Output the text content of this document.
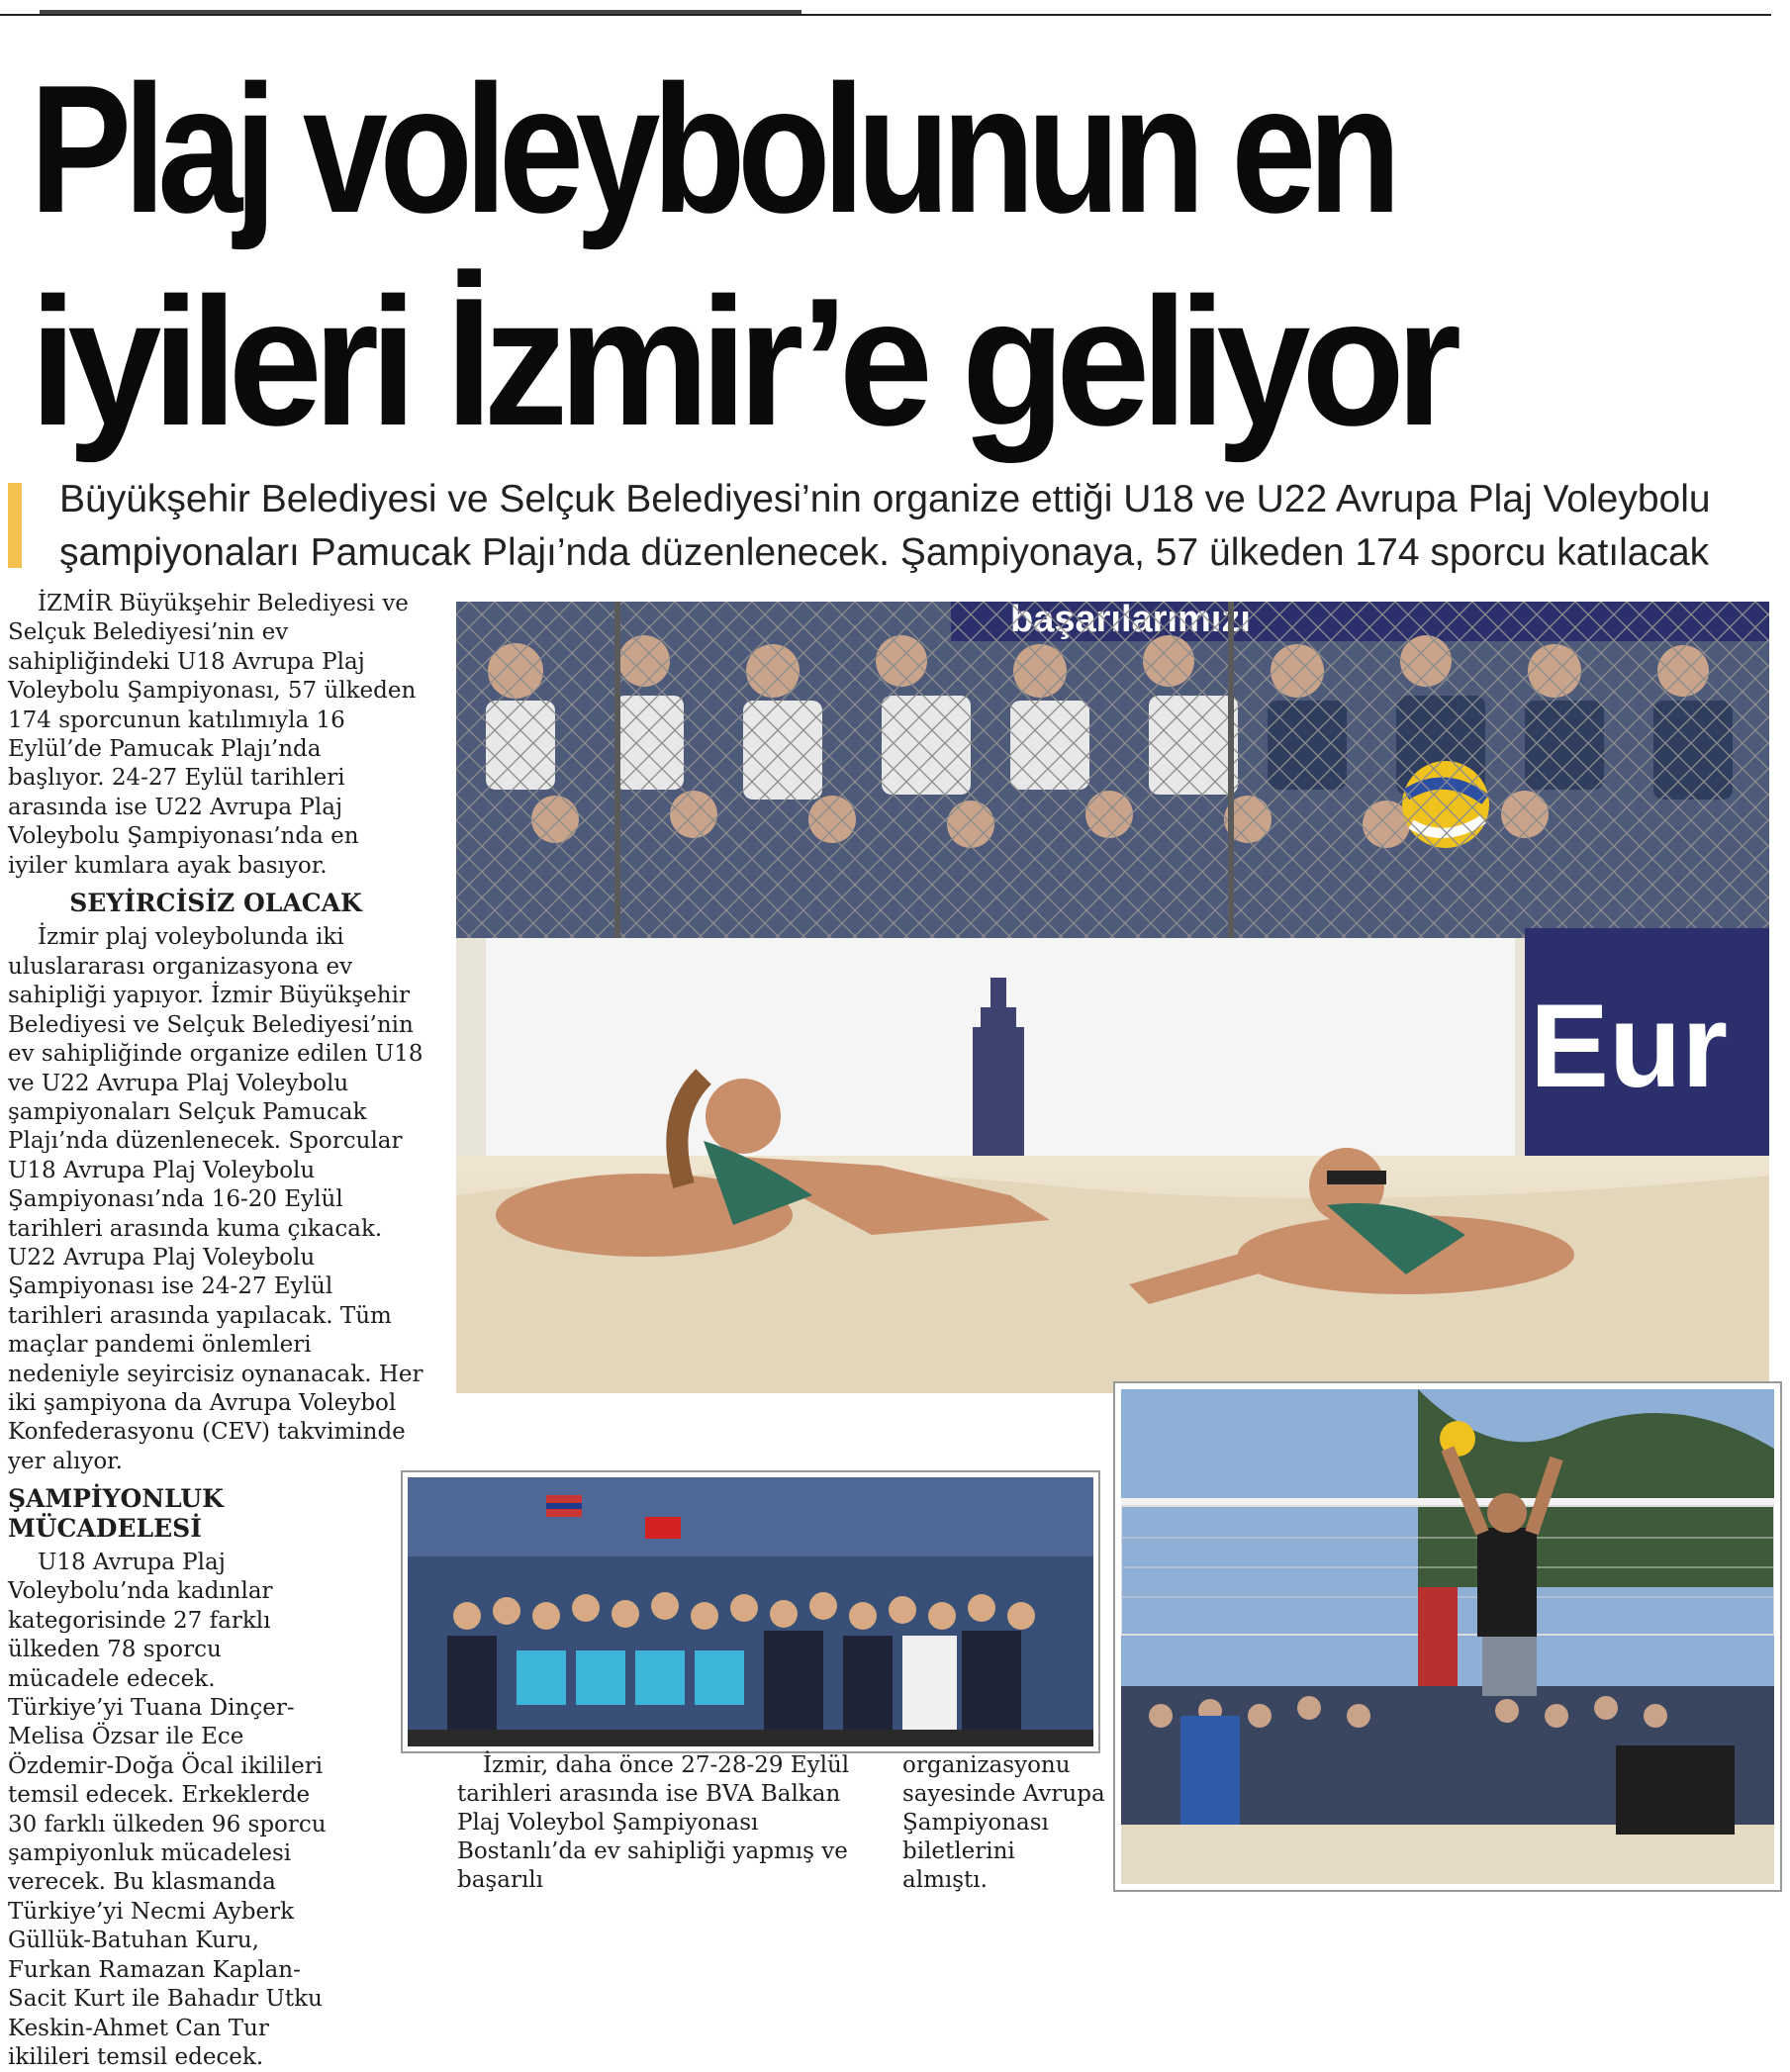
Plaj voleybolunun en
iyileri İzmir’e geliyor

Büyükşehir Belediyesi ve Selçuk Belediyesi’nin organize ettiği U18 ve U22 Avrupa Plaj Voleybolu

şampiyonaları Pamucak Plajı’nda düzenlenecek. Şampiyonaya, 57 ülkeden 174 sporcu katılacak

İZMİR Büyükşehir Belediyesi ve Selçuk Belediyesi’nin ev sahipliğindeki U18 Avrupa Plaj Voleybolu Şampiyonası, 57 ülkeden 174 sporcunun katılımıyla 16 Eylül’de Pamucak Plajı’nda başlıyor. 24-27 Eylül tarihleri arasında ise U22 Avrupa Plaj Voleybolu Şampiyonası’nda en iyiler kumlara ayak basıyor.

SEYİRCİSİZ OLACAK

İzmir plaj voleybolunda iki uluslararası organizasyona ev sahipliği yapıyor. İzmir Büyükşehir Belediyesi ve Selçuk Belediyesi’nin ev sahipliğinde organize edilen U18 ve U22 Avrupa Plaj Voleybolu şampiyonaları Selçuk Pamucak Plajı’nda düzenlenecek. Sporcular U18 Avrupa Plaj Voleybolu Şampiyonası’nda 16-20 Eylül tarihleri arasında kuma çıkacak. U22 Avrupa Plaj Voleybolu Şampiyonası ise 24-27 Eylül tarihleri arasında yapılacak. Tüm maçlar pandemi önlemleri nedeniyle seyircisiz oynanacak. Her iki şampiyona da Avrupa Voleybol Konfederasyonu (CEV) takviminde yer alıyor.

ŞAMPİYONLUK MÜCADELESİ

U18 Avrupa Plaj Voleybolu’nda kadınlar kategorisinde 27 farklı ülkeden 78 sporcu mücadele edecek. Türkiye’yi Tuana Dinçer-Melisa Özsar ile Ece Özdemir-Doğa Öcal ikilileri temsil edecek. Erkeklerde 30 farklı ülkeden 96 sporcu şampiyonluk mücadelesi verecek. Bu klasmanda Türkiye’yi Necmi Ayberk Güllük-Batuhan Kuru, Furkan Ramazan Kaplan-Sacit Kurt ile Bahadır Utku Keskin-Ahmet Can Tur ikilileri temsil edecek.

Eur

İzmir, daha önce 27-28-29 Eylül tarihleri arasında ise BVA Balkan Plaj Voleybol Şampiyonası Bostanlı’da ev sahipliği yapmış ve başarılı

organizasyonu sayesinde Avrupa Şampiyonası biletlerini almıştı.
